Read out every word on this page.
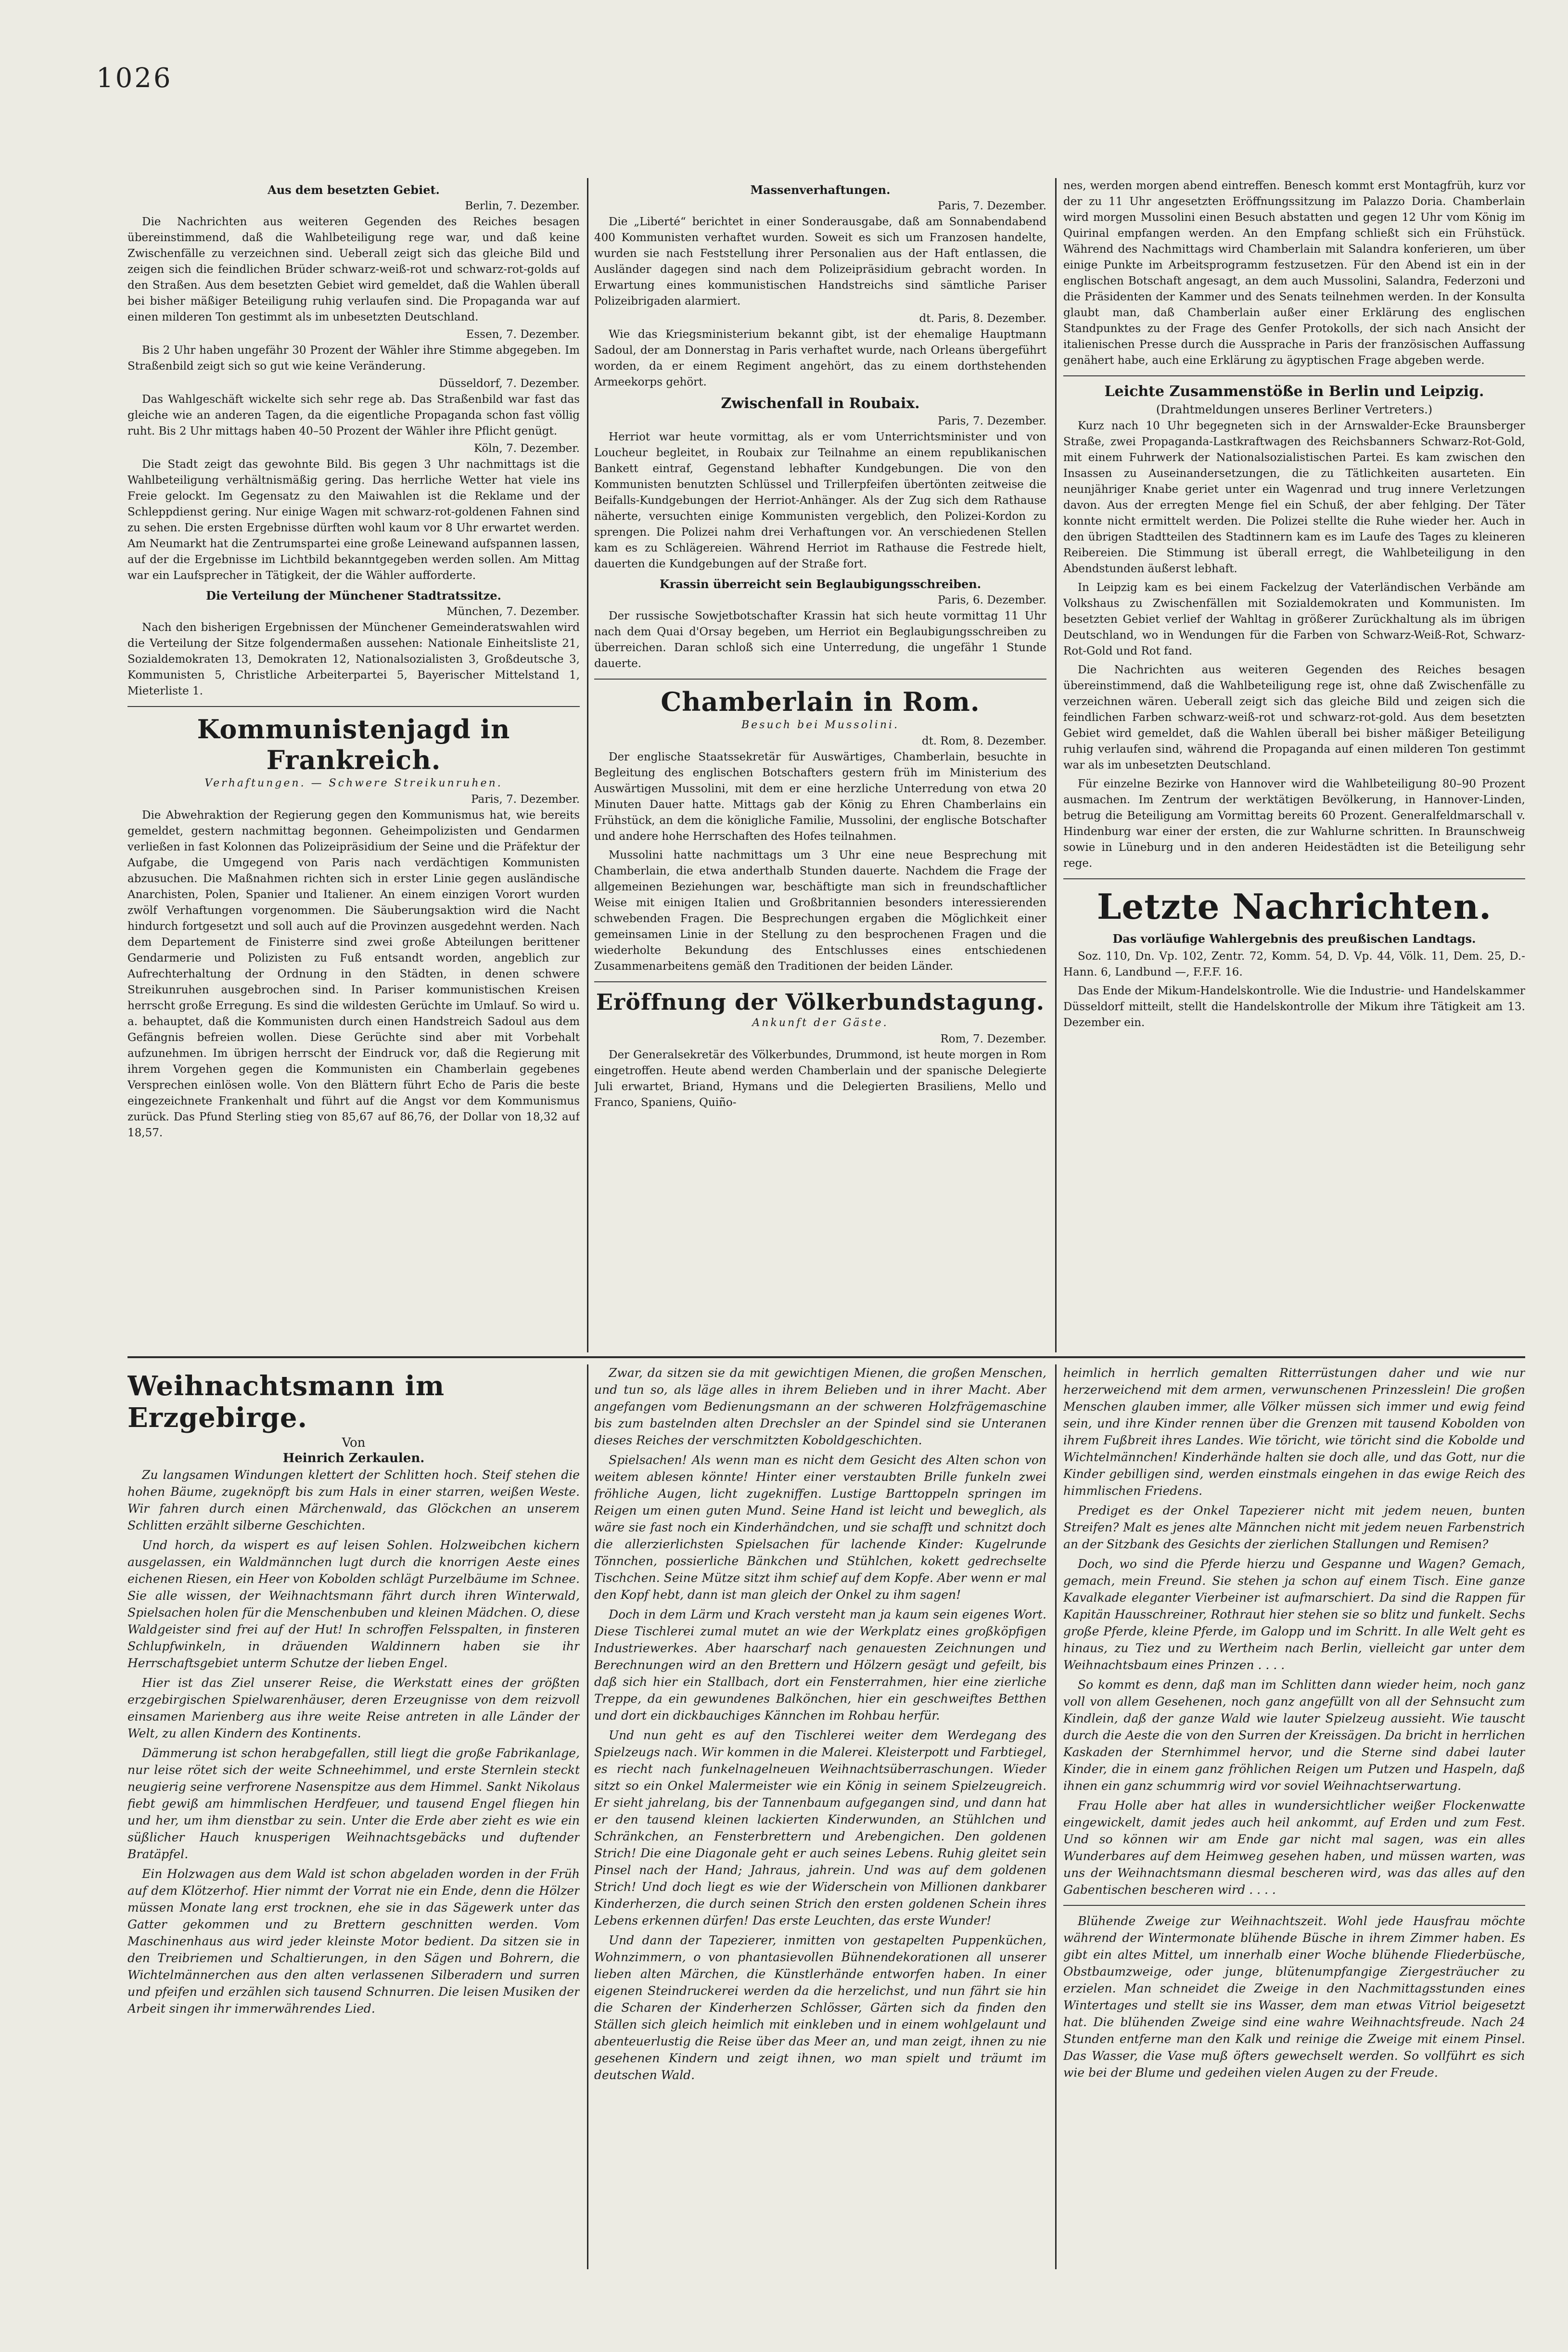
1026
Aus dem besetzten Gebiet.
Berlin, 7. Dezember.

Die Nachrichten aus weiteren Gegenden des Reiches besagen übereinstimmend, daß die Wahlbeteiligung rege war, und daß keine Zwischenfälle zu verzeichnen sind. Ueberall zeigt sich das gleiche Bild und zeigen sich die feindlichen Brüder schwarz-weiß-rot und schwarz-rot-golds auf den Straßen. Aus dem besetzten Gebiet wird gemeldet, daß die Wahlen überall bei bisher mäßiger Beteiligung ruhig verlaufen sind. Die Propaganda war auf einen milderen Ton gestimmt als im unbesetzten Deutschland.

Essen, 7. Dezember.

Bis 2 Uhr haben ungefähr 30 Prozent der Wähler ihre Stimme abgegeben. Im Straßenbild zeigt sich so gut wie keine Veränderung.

Düsseldorf, 7. Dezember.

Das Wahlgeschäft wickelte sich sehr rege ab. Das Straßenbild war fast das gleiche wie an anderen Tagen, da die eigentliche Propaganda schon fast völlig ruht. Bis 2 Uhr mittags haben 40–50 Prozent der Wähler ihre Pflicht genügt.

Köln, 7. Dezember.

Die Stadt zeigt das gewohnte Bild. Bis gegen 3 Uhr nachmittags ist die Wahlbeteiligung verhältnismäßig gering. Das herrliche Wetter hat viele ins Freie gelockt. Im Gegensatz zu den Maiwahlen ist die Reklame und der Schleppdienst gering. Nur einige Wagen mit schwarz-rot-goldenen Fahnen sind zu sehen. Die ersten Ergebnisse dürften wohl kaum vor 8 Uhr erwartet werden. Am Neumarkt hat die Zentrumspartei eine große Leinewand aufspannen lassen, auf der die Ergebnisse im Lichtbild bekanntgegeben werden sollen. Am Mittag war ein Laufsprecher in Tätigkeit, der die Wähler aufforderte.

Die Verteilung der Münchener Stadtratssitze.
München, 7. Dezember.

Nach den bisherigen Ergebnissen der Münchener Gemeinderatswahlen wird die Verteilung der Sitze folgendermaßen aussehen: Nationale Einheitsliste 21, Sozialdemokraten 13, Demokraten 12, Nationalsozialisten 3, Großdeutsche 3, Kommunisten 5, Christliche Arbeiterpartei 5, Bayerischer Mittelstand 1, Mieterliste 1.

Kommunistenjagd in Frankreich.
Verhaftungen. — Schwere Streikunruhen.
Paris, 7. Dezember.

Die Abwehraktion der Regierung gegen den Kommunismus hat, wie bereits gemeldet, gestern nachmittag begonnen. Geheimpolizisten und Gendarmen verließen in fast Kolonnen das Polizeipräsidium der Seine und die Präfektur der Aufgabe, die Umgegend von Paris nach verdächtigen Kommunisten abzusuchen. Die Maßnahmen richten sich in erster Linie gegen ausländische Anarchisten, Polen, Spanier und Italiener. An einem einzigen Vorort wurden zwölf Verhaftungen vorgenommen. Die Säuberungsaktion wird die Nacht hindurch fortgesetzt und soll auch auf die Provinzen ausgedehnt werden. Nach dem Departement de Finisterre sind zwei große Abteilungen berittener Gendarmerie und Polizisten zu Fuß entsandt worden, angeblich zur Aufrechterhaltung der Ordnung in den Städten, in denen schwere Streikunruhen ausgebrochen sind. In Pariser kommunistischen Kreisen herrscht große Erregung. Es sind die wildesten Gerüchte im Umlauf. So wird u. a. behauptet, daß die Kommunisten durch einen Handstreich Sadoul aus dem Gefängnis befreien wollen. Diese Gerüchte sind aber mit Vorbehalt aufzunehmen. Im übrigen herrscht der Eindruck vor, daß die Regierung mit ihrem Vorgehen gegen die Kommunisten ein Chamberlain gegebenes Versprechen einlösen wolle. Von den Blättern führt Echo de Paris die beste eingezeichnete Frankenhalt und führt auf die Angst vor dem Kommunismus zurück. Das Pfund Sterling stieg von 85,67 auf 86,76, der Dollar von 18,32 auf 18,57.

Massenverhaftungen.
Paris, 7. Dezember.

Die „Liberté“ berichtet in einer Sonderausgabe, daß am Sonnabendabend 400 Kommunisten verhaftet wurden. Soweit es sich um Franzosen handelte, wurden sie nach Feststellung ihrer Personalien aus der Haft entlassen, die Ausländer dagegen sind nach dem Polizeipräsidium gebracht worden. In Erwartung eines kommunistischen Handstreichs sind sämtliche Pariser Polizeibrigaden alarmiert.

dt. Paris, 8. Dezember.

Wie das Kriegsministerium bekannt gibt, ist der ehemalige Hauptmann Sadoul, der am Donnerstag in Paris verhaftet wurde, nach Orleans übergeführt worden, da er einem Regiment angehört, das zu einem dorthstehenden Armeekorps gehört.

Zwischenfall in Roubaix.
Paris, 7. Dezember.

Herriot war heute vormittag, als er vom Unterrichtsminister und von Loucheur begleitet, in Roubaix zur Teilnahme an einem republikanischen Bankett eintraf, Gegenstand lebhafter Kundgebungen. Die von den Kommunisten benutzten Schlüssel und Trillerpfeifen übertönten zeitweise die Beifalls-Kundgebungen der Herriot-Anhänger. Als der Zug sich dem Rathause näherte, versuchten einige Kommunisten vergeblich, den Polizei-Kordon zu sprengen. Die Polizei nahm drei Verhaftungen vor. An verschiedenen Stellen kam es zu Schlägereien. Während Herriot im Rathause die Festrede hielt, dauerten die Kundgebungen auf der Straße fort.

Krassin überreicht sein Beglaubigungsschreiben.
Paris, 6. Dezember.

Der russische Sowjetbotschafter Krassin hat sich heute vormittag 11 Uhr nach dem Quai d'Orsay begeben, um Herriot ein Beglaubigungsschreiben zu überreichen. Daran schloß sich eine Unterredung, die ungefähr 1 Stunde dauerte.

Chamberlain in Rom.
Besuch bei Mussolini.
dt. Rom, 8. Dezember.

Der englische Staatssekretär für Auswärtiges, Chamberlain, besuchte in Begleitung des englischen Botschafters gestern früh im Ministerium des Auswärtigen Mussolini, mit dem er eine herzliche Unterredung von etwa 20 Minuten Dauer hatte. Mittags gab der König zu Ehren Chamberlains ein Frühstück, an dem die königliche Familie, Mussolini, der englische Botschafter und andere hohe Herrschaften des Hofes teilnahmen.

Mussolini hatte nachmittags um 3 Uhr eine neue Besprechung mit Chamberlain, die etwa anderthalb Stunden dauerte. Nachdem die Frage der allgemeinen Beziehungen war, beschäftigte man sich in freundschaftlicher Weise mit einigen Italien und Großbritannien besonders interessierenden schwebenden Fragen. Die Besprechungen ergaben die Möglichkeit einer gemeinsamen Linie in der Stellung zu den besprochenen Fragen und die wiederholte Bekundung des Entschlusses eines entschiedenen Zusammenarbeitens gemäß den Traditionen der beiden Länder.

Eröffnung der Völkerbundstagung.
Ankunft der Gäste.
Rom, 7. Dezember.

Der Generalsekretär des Völkerbundes, Drummond, ist heute morgen in Rom eingetroffen. Heute abend werden Chamberlain und der spanische Delegierte Juli erwartet, Briand, Hymans und die Delegierten Brasiliens, Mello und Franco, Spaniens, Quiño-

nes, werden morgen abend eintreffen. Benesch kommt erst Montagfrüh, kurz vor der zu 11 Uhr angesetzten Eröffnungssitzung im Palazzo Doria. Chamberlain wird morgen Mussolini einen Besuch abstatten und gegen 12 Uhr vom König im Quirinal empfangen werden. An den Empfang schließt sich ein Frühstück. Während des Nachmittags wird Chamberlain mit Salandra konferieren, um über einige Punkte im Arbeitsprogramm festzusetzen. Für den Abend ist ein in der englischen Botschaft angesagt, an dem auch Mussolini, Salandra, Federzoni und die Präsidenten der Kammer und des Senats teilnehmen werden. In der Konsulta glaubt man, daß Chamberlain außer einer Erklärung des englischen Standpunktes zu der Frage des Genfer Protokolls, der sich nach Ansicht der italienischen Presse durch die Aussprache in Paris der französischen Auffassung genähert habe, auch eine Erklärung zu ägyptischen Frage abgeben werde.

Leichte Zusammenstöße in Berlin und Leipzig.
(Drahtmeldungen unseres Berliner Vertreters.)

Kurz nach 10 Uhr begegneten sich in der Arnswalder-Ecke Braunsberger Straße, zwei Propaganda-Lastkraftwagen des Reichsbanners Schwarz-Rot-Gold, mit einem Fuhrwerk der Nationalsozialistischen Partei. Es kam zwischen den Insassen zu Auseinandersetzungen, die zu Tätlichkeiten ausarteten. Ein neunjähriger Knabe geriet unter ein Wagenrad und trug innere Verletzungen davon. Aus der erregten Menge fiel ein Schuß, der aber fehlging. Der Täter konnte nicht ermittelt werden. Die Polizei stellte die Ruhe wieder her. Auch in den übrigen Stadtteilen des Stadtinnern kam es im Laufe des Tages zu kleineren Reibereien. Die Stimmung ist überall erregt, die Wahlbeteiligung in den Abendstunden äußerst lebhaft.

In Leipzig kam es bei einem Fackelzug der Vaterländischen Verbände am Volkshaus zu Zwischenfällen mit Sozialdemokraten und Kommunisten. Im besetzten Gebiet verlief der Wahltag in größerer Zurückhaltung als im übrigen Deutschland, wo in Wendungen für die Farben von Schwarz-Weiß-Rot, Schwarz-Rot-Gold und Rot fand.

Die Nachrichten aus weiteren Gegenden des Reiches besagen übereinstimmend, daß die Wahlbeteiligung rege ist, ohne daß Zwischenfälle zu verzeichnen wären. Ueberall zeigt sich das gleiche Bild und zeigen sich die feindlichen Farben schwarz-weiß-rot und schwarz-rot-gold. Aus dem besetzten Gebiet wird gemeldet, daß die Wahlen überall bei bisher mäßiger Beteiligung ruhig verlaufen sind, während die Propaganda auf einen milderen Ton gestimmt war als im unbesetzten Deutschland.

Für einzelne Bezirke von Hannover wird die Wahlbeteiligung 80–90 Prozent ausmachen. Im Zentrum der werktätigen Bevölkerung, in Hannover-Linden, betrug die Beteiligung am Vormittag bereits 60 Prozent. Generalfeldmarschall v. Hindenburg war einer der ersten, die zur Wahlurne schritten. In Braunschweig sowie in Lüneburg und in den anderen Heidestädten ist die Beteiligung sehr rege.

Letzte Nachrichten.
Das vorläufige Wahlergebnis des preußischen Landtags.

Soz. 110, Dn. Vp. 102, Zentr. 72, Komm. 54, D. Vp. 44, Völk. 11, Dem. 25, D.-Hann. 6, Landbund —, F.F.F. 16.

Das Ende der Mikum-Handelskontrolle. Wie die Industrie- und Handelskammer Düsseldorf mitteilt, stellt die Handelskontrolle der Mikum ihre Tätigkeit am 13. Dezember ein.

Weihnachtsmann im Erzgebirge.
Von
Heinrich Zerkaulen.

Zu langsamen Windungen klettert der Schlitten hoch. Steif stehen die hohen Bäume, zugeknöpft bis zum Hals in einer starren, weißen Weste. Wir fahren durch einen Märchenwald, das Glöckchen an unserem Schlitten erzählt silberne Geschichten.

Und horch, da wispert es auf leisen Sohlen. Holzweibchen kichern ausgelassen, ein Waldmännchen lugt durch die knorrigen Aeste eines eichenen Riesen, ein Heer von Kobolden schlägt Purzelbäume im Schnee. Sie alle wissen, der Weihnachtsmann fährt durch ihren Winterwald, Spielsachen holen für die Menschenbuben und kleinen Mädchen. O, diese Waldgeister sind frei auf der Hut! In schroffen Felsspalten, in finsteren Schlupfwinkeln, in dräuenden Waldinnern haben sie ihr Herrschaftsgebiet unterm Schutze der lieben Engel.

Hier ist das Ziel unserer Reise, die Werkstatt eines der größten erzgebirgischen Spielwarenhäuser, deren Erzeugnisse von dem reizvoll einsamen Marienberg aus ihre weite Reise antreten in alle Länder der Welt, zu allen Kindern des Kontinents.

Dämmerung ist schon herabgefallen, still liegt die große Fabrikanlage, nur leise rötet sich der weite Schneehimmel, und erste Sternlein steckt neugierig seine verfrorene Nasenspitze aus dem Himmel. Sankt Nikolaus fiebt gewiß am himmlischen Herdfeuer, und tausend Engel fliegen hin und her, um ihm dienstbar zu sein. Unter die Erde aber zieht es wie ein süßlicher Hauch knusperigen Weihnachtsgebäcks und duftender Bratäpfel.

Ein Holzwagen aus dem Wald ist schon abgeladen worden in der Früh auf dem Klötzerhof. Hier nimmt der Vorrat nie ein Ende, denn die Hölzer müssen Monate lang erst trocknen, ehe sie in das Sägewerk unter das Gatter gekommen und zu Brettern geschnitten werden. Vom Maschinenhaus aus wird jeder kleinste Motor bedient. Da sitzen sie in den Treibriemen und Schaltierungen, in den Sägen und Bohrern, die Wichtelmännerchen aus den alten verlassenen Silberadern und surren und pfeifen und erzählen sich tausend Schnurren. Die leisen Musiken der Arbeit singen ihr immerwährendes Lied.

Zwar, da sitzen sie da mit gewichtigen Mienen, die großen Menschen, und tun so, als läge alles in ihrem Belieben und in ihrer Macht. Aber angefangen vom Bedienungsmann an der schweren Holzfrägemaschine bis zum bastelnden alten Drechsler an der Spindel sind sie Unteranen dieses Reiches der verschmitzten Koboldgeschichten.

Spielsachen! Als wenn man es nicht dem Gesicht des Alten schon von weitem ablesen könnte! Hinter einer verstaubten Brille funkeln zwei fröhliche Augen, licht zugekniffen. Lustige Barttoppeln springen im Reigen um einen guten Mund. Seine Hand ist leicht und beweglich, als wäre sie fast noch ein Kinderhändchen, und sie schafft und schnitzt doch die allerzierlichsten Spielsachen für lachende Kinder: Kugelrunde Tönnchen, possierliche Bänkchen und Stühlchen, kokett gedrechselte Tischchen. Seine Mütze sitzt ihm schief auf dem Kopfe. Aber wenn er mal den Kopf hebt, dann ist man gleich der Onkel zu ihm sagen!

Doch in dem Lärm und Krach versteht man ja kaum sein eigenes Wort. Diese Tischlerei zumal mutet an wie der Werkplatz eines großköpfigen Industriewerkes. Aber haarscharf nach genauesten Zeichnungen und Berechnungen wird an den Brettern und Hölzern gesägt und gefeilt, bis daß sich hier ein Stallbach, dort ein Fensterrahmen, hier eine zierliche Treppe, da ein gewundenes Balkönchen, hier ein geschweiftes Betthen und dort ein dickbauchiges Kännchen im Rohbau herfür.

Und nun geht es auf den Tischlerei weiter dem Werdegang des Spielzeugs nach. Wir kommen in die Malerei. Kleisterpott und Farbtiegel, es riecht nach funkelnagelneuen Weihnachtsüberraschungen. Wieder sitzt so ein Onkel Malermeister wie ein König in seinem Spielzeugreich. Er sieht jahrelang, bis der Tannenbaum aufgegangen sind, und dann hat er den tausend kleinen lackierten Kinderwunden, an Stühlchen und Schränkchen, an Fensterbrettern und Arebengichen. Den goldenen Strich! Die eine Diagonale geht er auch seines Lebens. Ruhig gleitet sein Pinsel nach der Hand; Jahraus, jahrein. Und was auf dem goldenen Strich! Und doch liegt es wie der Widerschein von Millionen dankbarer Kinderherzen, die durch seinen Strich den ersten goldenen Schein ihres Lebens erkennen dürfen! Das erste Leuchten, das erste Wunder!

Und dann der Tapezierer, inmitten von gestapelten Puppenküchen, Wohnzimmern, o von phantasievollen Bühnendekorationen all unserer lieben alten Märchen, die Künstlerhände entworfen haben. In einer eigenen Steindruckerei werden da die herzelichst, und nun fährt sie hin die Scharen der Kinderherzen Schlösser, Gärten sich da finden den Ställen sich gleich heimlich mit einkleben und in einem wohlgelaunt und abenteuerlustig die Reise über das Meer an, und man zeigt, ihnen zu nie gesehenen Kindern und zeigt ihnen, wo man spielt und träumt im deutschen Wald.

heimlich in herrlich gemalten Ritterrüstungen daher und wie nur herzerweichend mit dem armen, verwunschenen Prinzesslein! Die großen Menschen glauben immer, alle Völker müssen sich immer und ewig feind sein, und ihre Kinder rennen über die Grenzen mit tausend Kobolden von ihrem Fußbreit ihres Landes. Wie töricht, wie töricht sind die Kobolde und Wichtelmännchen! Kinderhände halten sie doch alle, und das Gott, nur die Kinder gebilligen sind, werden einstmals eingehen in das ewige Reich des himmlischen Friedens.

Prediget es der Onkel Tapezierer nicht mit jedem neuen, bunten Streifen? Malt es jenes alte Männchen nicht mit jedem neuen Farbenstrich an der Sitzbank des Gesichts der zierlichen Stallungen und Remisen?

Doch, wo sind die Pferde hierzu und Gespanne und Wagen? Gemach, gemach, mein Freund. Sie stehen ja schon auf einem Tisch. Eine ganze Kavalkade eleganter Vierbeiner ist aufmarschiert. Da sind die Rappen für Kapitän Hausschreiner, Rothraut hier stehen sie so blitz und funkelt. Sechs große Pferde, kleine Pferde, im Galopp und im Schritt. In alle Welt geht es hinaus, zu Tiez und zu Wertheim nach Berlin, vielleicht gar unter dem Weihnachtsbaum eines Prinzen . . . .

So kommt es denn, daß man im Schlitten dann wieder heim, noch ganz voll von allem Gesehenen, noch ganz angefüllt von all der Sehnsucht zum Kindlein, daß der ganze Wald wie lauter Spielzeug aussieht. Wie tauscht durch die Aeste die von den Surren der Kreissägen. Da bricht in herrlichen Kaskaden der Sternhimmel hervor, und die Sterne sind dabei lauter Kinder, die in einem ganz fröhlichen Reigen um Putzen und Haspeln, daß ihnen ein ganz schummrig wird vor soviel Weihnachtserwartung.

Frau Holle aber hat alles in wundersichtlicher weißer Flockenwatte eingewickelt, damit jedes auch heil ankommt, auf Erden und zum Fest. Und so können wir am Ende gar nicht mal sagen, was ein alles Wunderbares auf dem Heimweg gesehen haben, und müssen warten, was uns der Weihnachtsmann diesmal bescheren wird, was das alles auf den Gabentischen bescheren wird . . . .

Blühende Zweige zur Weihnachtszeit. Wohl jede Hausfrau möchte während der Wintermonate blühende Büsche in ihrem Zimmer haben. Es gibt ein altes Mittel, um innerhalb einer Woche blühende Fliederbüsche, Obstbaumzweige, oder junge, blütenumpfangige Ziergesträucher zu erzielen. Man schneidet die Zweige in den Nachmittagsstunden eines Wintertages und stellt sie ins Wasser, dem man etwas Vitriol beigesetzt hat. Die blühenden Zweige sind eine wahre Weihnachtsfreude. Nach 24 Stunden entferne man den Kalk und reinige die Zweige mit einem Pinsel. Das Wasser, die Vase muß öfters gewechselt werden. So vollführt es sich wie bei der Blume und gedeihen vielen Augen zu der Freude.
